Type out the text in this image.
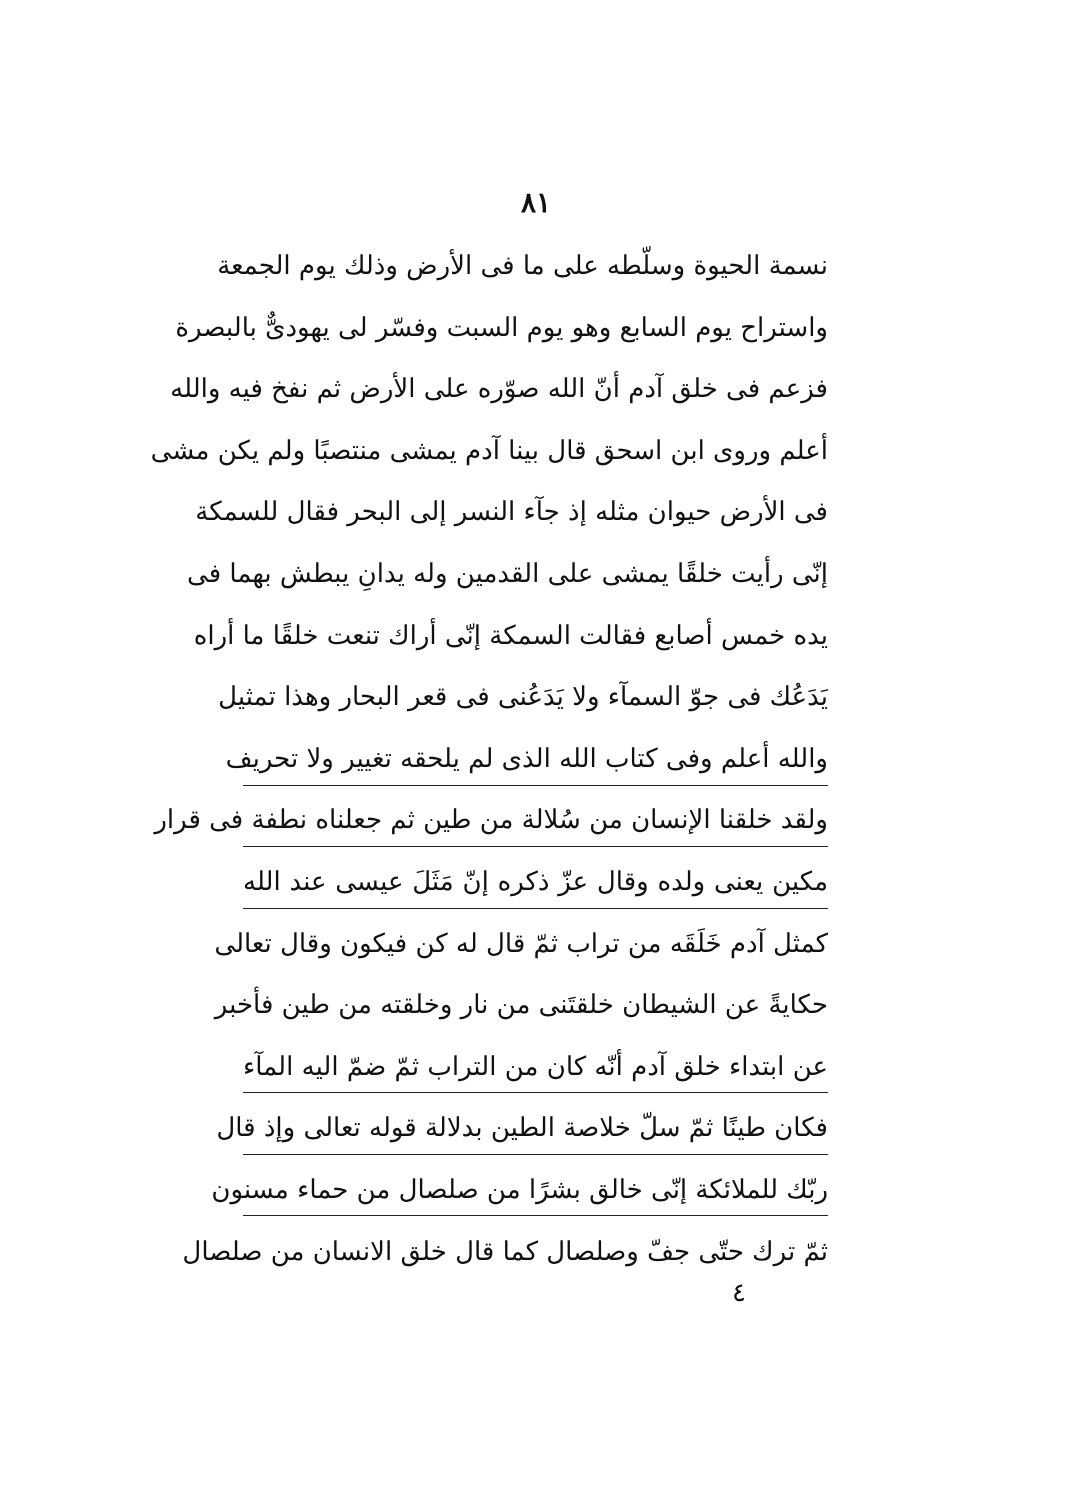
٨١
نسمة الحيوة وسلّطه على ما فى الأرض وذلك يوم الجمعة
واستراح يوم السابع وهو يوم السبت وفسّر لى يهودىٌّ بالبصرة
فزعم فى خلق آدم أنّ الله صوّره على الأرض ثم نفخ فيه والله
أعلم وروى ابن اسحق قال بينا آدم يمشى منتصبًا ولم يكن مشى
فى الأرض حيوان مثله إذ جآء النسر إلى البحر فقال للسمكة
إنّى رأيت خلقًا يمشى على القدمين وله يدانِ يبطش بهما فى
يده خمس أصابع فقالت السمكة إنّى أراك تنعت خلقًا ما أراه
يَدَعُك فى جوّ السمآء ولا يَدَعُنى فى قعر البحار وهذا تمثيل
والله أعلم وفى كتاب الله الذى لم يلحقه تغيير ولا تحريف
ولقد خلقنا الإنسان من سُلالة من طين ثم جعلناه نطفة فى قرار
مكين يعنى ولده وقال عزّ ذكره إنّ مَثَلَ عيسى عند الله
كمثل آدم خَلَقَه من تراب ثمّ قال له كن فيكون وقال تعالى
حكايةً عن الشيطان خلقتَنى من نار وخلقته من طين فأخبر
عن ابتداء خلق آدم أنّه كان من التراب ثمّ ضمّ اليه المآء
فكان طينًا ثمّ سلّ خلاصة الطين بدلالة قوله تعالى وإذ قال
ربّك للملائكة إنّى خالق بشرًا من صلصال من حماء مسنون
ثمّ ترك حتّى جفّ وصلصال كما قال خلق الانسان من صلصال
٤
